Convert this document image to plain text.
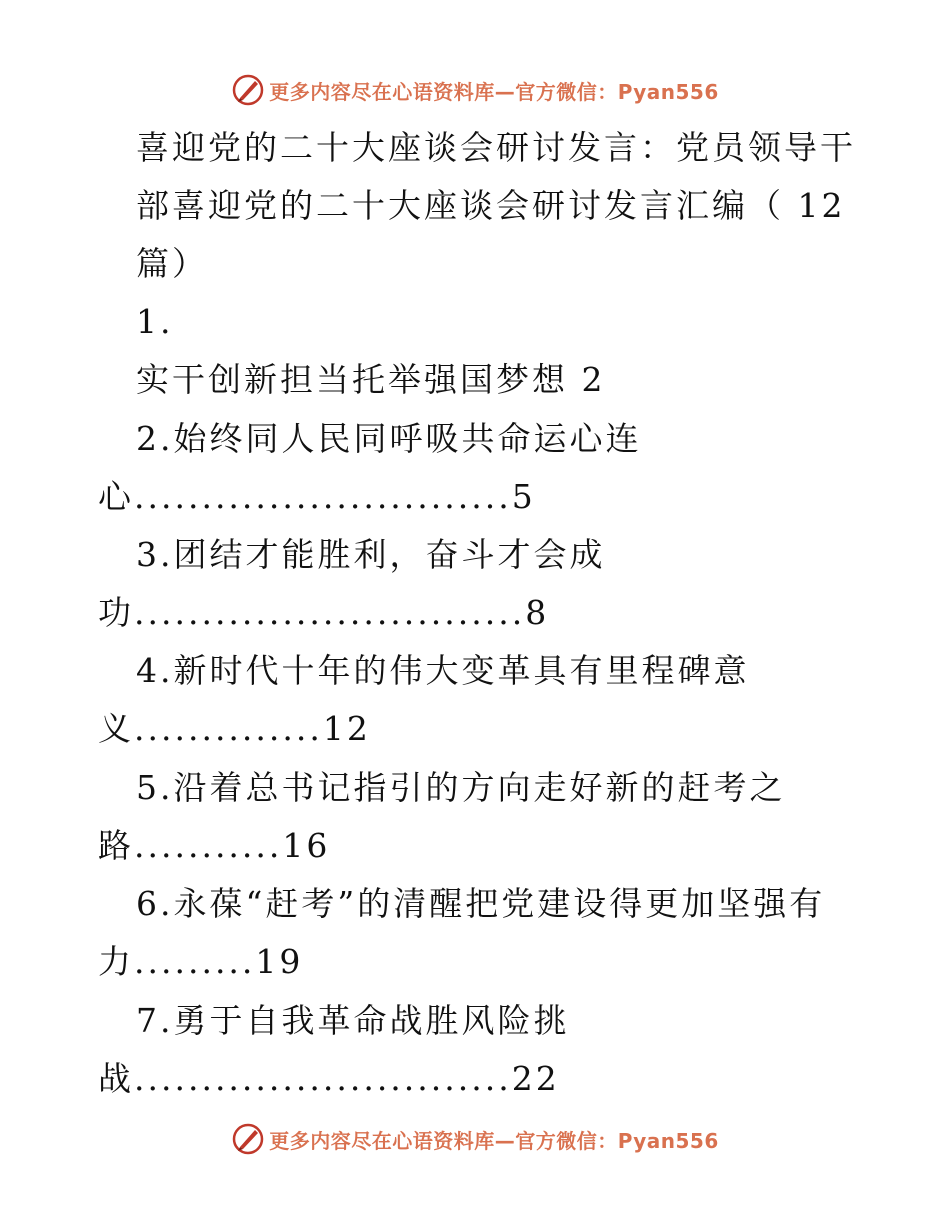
更多内容尽在心语资料库—官方微信：Pyan556
喜迎党的二十大座谈会研讨发言：党员领导干
部喜迎党的二十大座谈会研讨发言汇编（ 12
篇）
1.
实干创新担当托举强国梦想 2
2.始终同人民同呼吸共命运心连
心............................5
3.团结才能胜利，奋斗才会成
功.............................8
4.新时代十年的伟大变革具有里程碑意
义..............12
5.沿着总书记指引的方向走好新的赶考之
路...........16
6.永葆“赶考”的清醒把党建设得更加坚强有
力.........19
7.勇于自我革命战胜风险挑
战............................22
更多内容尽在心语资料库—官方微信：Pyan556
